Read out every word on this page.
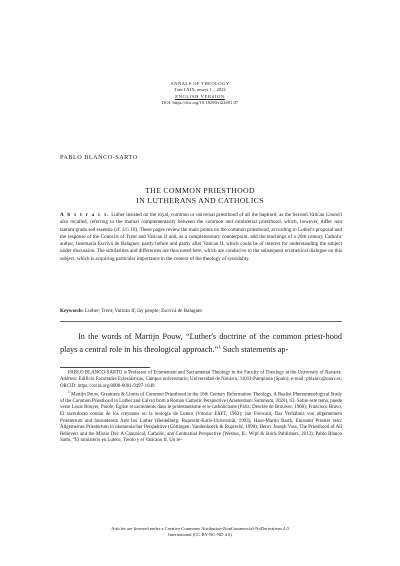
ANNALS OF THEOLOGY
Tom LXIX, zeszyt 1 – 2022
ENGLISH VERSION
DOI: https://doi.org/10.18290/rt22691.07
PABLO BLANCO-SARTO
THE COMMON PRIESTHOOD
IN LUTHERANS AND CATHOLICS
A b s t r a c t. Luther insisted on the royal, common or universal priesthood of all the baptised, as the Second Vatican Council also recalled, referring to the mutual complementarity between the common and ministerial priesthood, which, however, differ non tantum gradu sed essentia (cf. LG 10). These pages review the main points on the common priesthood, according to Luther's proposal and the response of the Councils of Trent and Vatican II and, as a complementary counterpoint, add the teachings of a 20th century Catholic author, Josemaría Escrivá de Balaguer, partly before and partly after Vatican II, which could be of interest for understanding the subject under discussion. The similarities and differences are thus noted here, which are conducive to the subsequent ecumenical dialogue on this subject, which is acquiring particular importance in the context of the theology of synodality.
Keywords: Luther; Trent; Vatican II; lay people; Escrivá de Balaguer.
In the words of Martijn Pouw, “Luther's doctrine of the common priest-hood plays a central role in his theological approach.”$^1$ Such statements ap-

PABLO BLANCO-SARTO is Professor of Ecumenism and Sacramental Theology in the Faculty of Theology at the University of Navarre. Address: Edificio Facultades Eclesiásticas, Campus universitario, Universidad de Navarra, 31011-Pamplona (Spain); e-mail: pblanco@unav.es; ORCID: https://orcid.org/0000-0001-9497-1649.

$^1$ Martijn Pouw, Greatness & Limits of Common Priesthood in the 16th Century Reformation Theology. A Realist Phenomenological Study of the Common Priesthood in Luther and Calvin from a Roman Catholic Perspective (Amsterdam: Summum, 2020), 63. Sobre este tema, puede verse Louis Bouyer, Parole, Église et sacrements dans le protestantisme et le catholicisme (Paris: Desclée de Brouwer, 1960); Francisco Bravo, El sacerdocio común de los creyentes en la teología de Lutero (Vitoria: ESET, 1963); Jan Freiwald, Das Verhältnis von allgemeinem Priestertum und besonderem Amt bei Luther (Heidelberg: Ruprecht-Karls-Universität, 1993); Hans-Martin Barth, Einander Priester sein: Allgemeines Priestertum in ökumenischer Perspektive (Göttingen: Vandenhoeck & Ruprecht, 1990); Henry Joseph Voss, The Priesthood of All Believers and the Missio Dei: A Canonical, Catholic, and Contextual Perspective (Weston, IL: Wipf & Stock Publishers, 2013); Pablo Blanco Sarto, “El ministerio en Lutero, Trento y el Vaticano II. Un re-

Articles are licensed under a Creative Commons Attribution-NonCommercial-NoDerivatives 4.0
International (CC BY-NC-ND 4.0)
